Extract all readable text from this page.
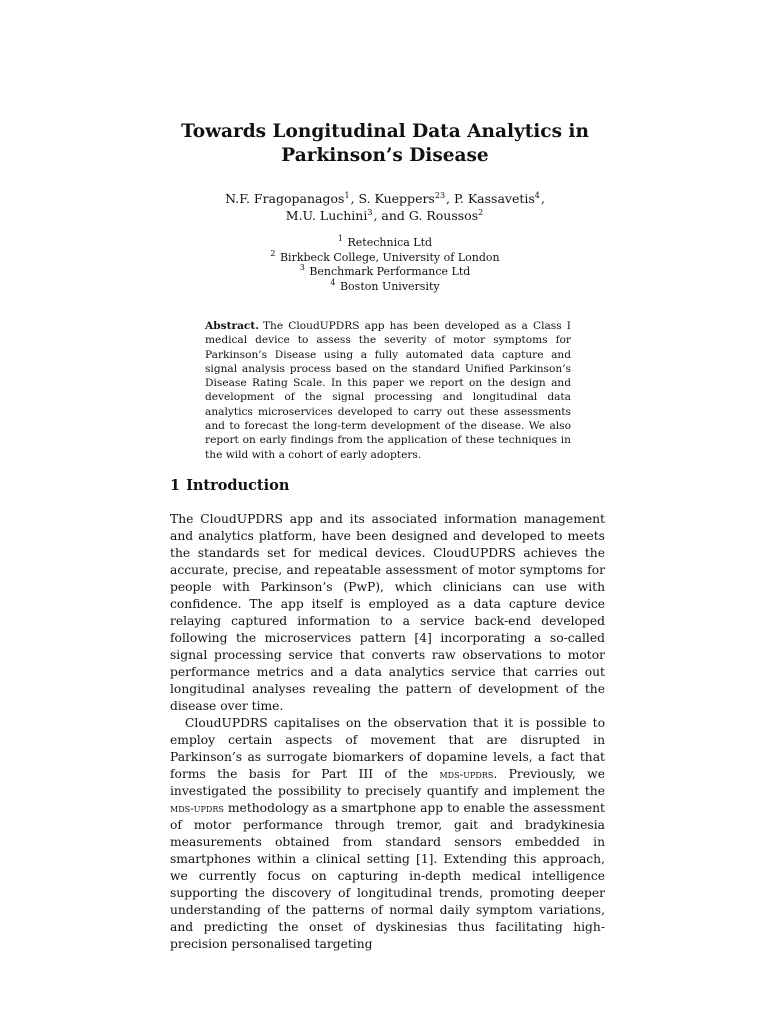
Towards Longitudinal Data Analytics in
Parkinson’s Disease
N.F. Fragopanagos$^1$, S. Kueppers$^{23}$, P. Kassavetis$^4$,
M.U. Luchini$^3$, and G. Roussos$^2$
$^1$ Retechnica Ltd
$^2$ Birkbeck College, University of London
$^3$ Benchmark Performance Ltd
$^4$ Boston University
Abstract. The CloudUPDRS app has been developed as a Class I medical device to assess the severity of motor symptoms for Parkinson’s Disease using a fully automated data capture and signal analysis process based on the standard Unified Parkinson’s Disease Rating Scale. In this paper we report on the design and development of the signal processing and longitudinal data analytics microservices developed to carry out these assessments and to forecast the long-term development of the disease. We also report on early findings from the application of these techniques in the wild with a cohort of early adopters.
1 Introduction

The CloudUPDRS app and its associated information management and analytics platform, have been designed and developed to meets the standards set for medical devices. CloudUPDRS achieves the accurate, precise, and repeatable assessment of motor symptoms for people with Parkinson’s (PwP), which clinicians can use with confidence. The app itself is employed as a data capture device relaying captured information to a service back-end developed following the microservices pattern [4] incorporating a so-called signal processing service that converts raw observations to motor performance metrics and a data analytics service that carries out longitudinal analyses revealing the pattern of development of the disease over time.

CloudUPDRS capitalises on the observation that it is possible to employ certain aspects of movement that are disrupted in Parkinson’s as surrogate biomarkers of dopamine levels, a fact that forms the basis for Part III of the mds-updrs. Previously, we investigated the possibility to precisely quantify and implement the mds-updrs methodology as a smartphone app to enable the assessment of motor performance through tremor, gait and bradykinesia measurements obtained from standard sensors embedded in smartphones within a clinical setting [1]. Extending this approach, we currently focus on capturing in-depth medical intelligence supporting the discovery of longitudinal trends, promoting deeper understanding of the patterns of normal daily symptom variations, and predicting the onset of dyskinesias thus facilitating high-precision personalised targeting
